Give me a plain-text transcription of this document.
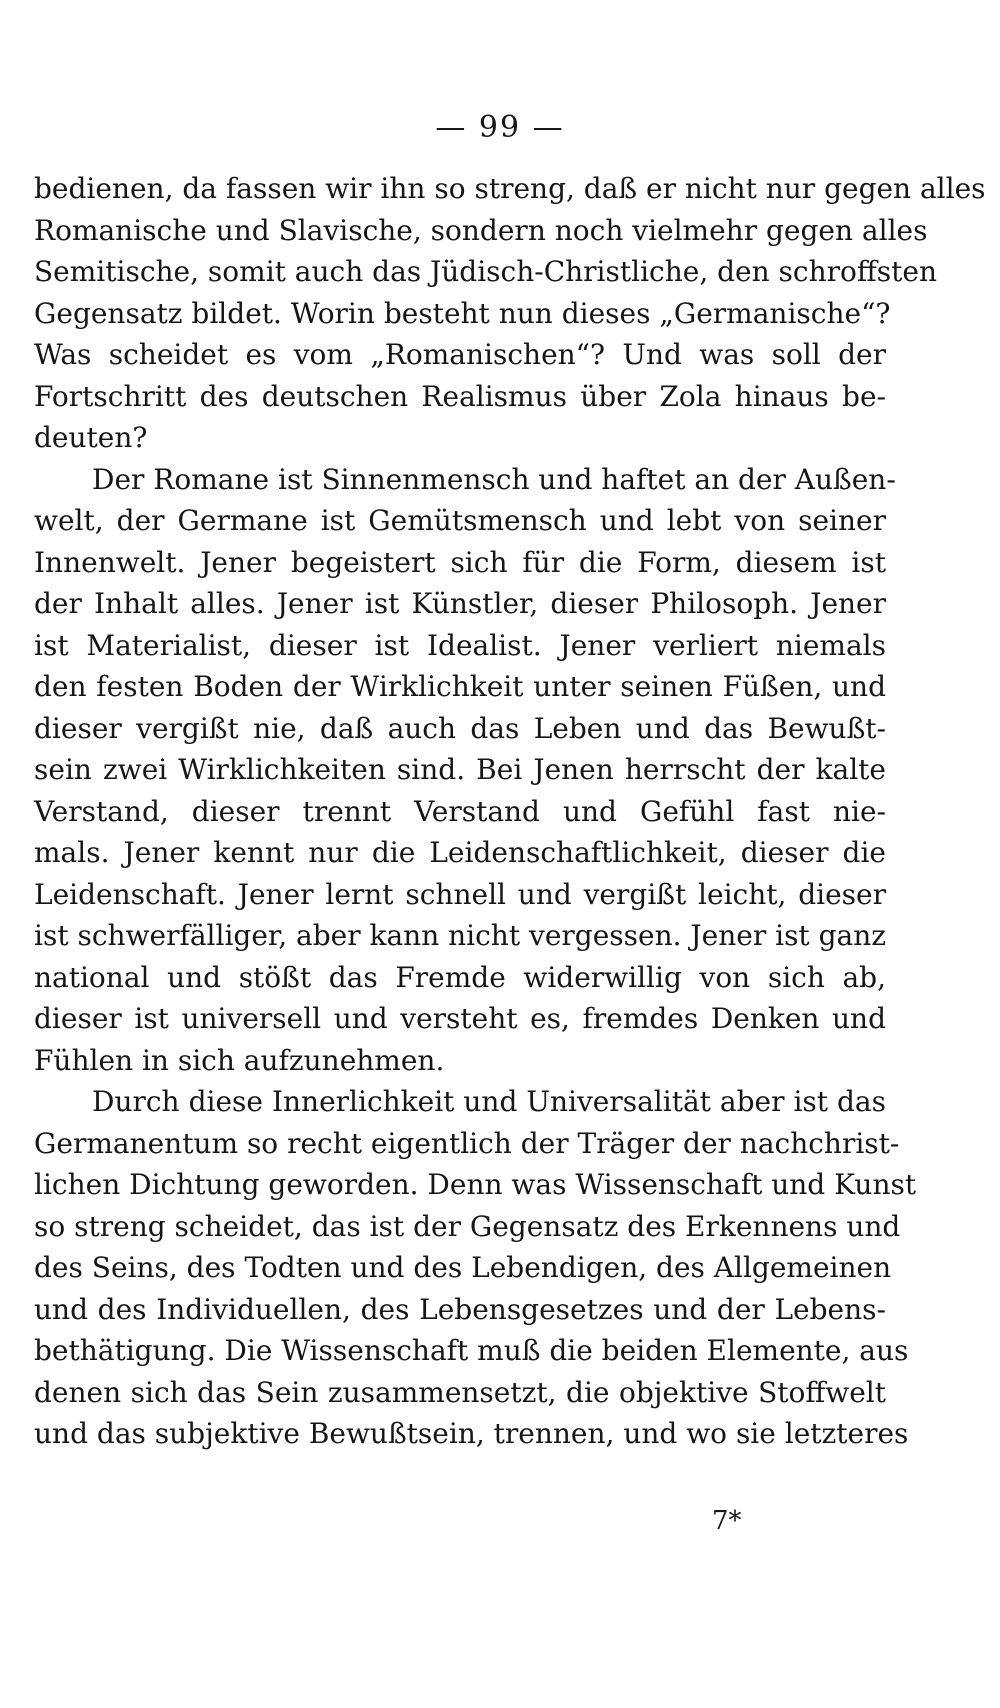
— 99 —
bedienen, da fassen wir ihn so streng, daß er nicht nur gegen alles
Romanische und Slavische, sondern noch vielmehr gegen alles
Semitische, somit auch das Jüdisch-Christliche, den schroffsten
Gegensatz bildet. Worin besteht nun dieses „Germanische“?
Was scheidet es vom „Romanischen“? Und was soll der
Fortschritt des deutschen Realismus über Zola hinaus be-
deuten?
Der Romane ist Sinnenmensch und haftet an der Außen-
welt, der Germane ist Gemütsmensch und lebt von seiner
Innenwelt. Jener begeistert sich für die Form, diesem ist
der Inhalt alles. Jener ist Künstler, dieser Philosoph. Jener
ist Materialist, dieser ist Idealist. Jener verliert niemals
den festen Boden der Wirklichkeit unter seinen Füßen, und
dieser vergißt nie, daß auch das Leben und das Bewußt-
sein zwei Wirklichkeiten sind. Bei Jenen herrscht der kalte
Verstand, dieser trennt Verstand und Gefühl fast nie-
mals. Jener kennt nur die Leidenschaftlichkeit, dieser die
Leidenschaft. Jener lernt schnell und vergißt leicht, dieser
ist schwerfälliger, aber kann nicht vergessen. Jener ist ganz
national und stößt das Fremde widerwillig von sich ab,
dieser ist universell und versteht es, fremdes Denken und
Fühlen in sich aufzunehmen.
Durch diese Innerlichkeit und Universalität aber ist das
Germanentum so recht eigentlich der Träger der nachchrist-
lichen Dichtung geworden. Denn was Wissenschaft und Kunst
so streng scheidet, das ist der Gegensatz des Erkennens und
des Seins, des Todten und des Lebendigen, des Allgemeinen
und des Individuellen, des Lebensgesetzes und der Lebens-
bethätigung. Die Wissenschaft muß die beiden Elemente, aus
denen sich das Sein zusammensetzt, die objektive Stoffwelt
und das subjektive Bewußtsein, trennen, und wo sie letzteres
7*
